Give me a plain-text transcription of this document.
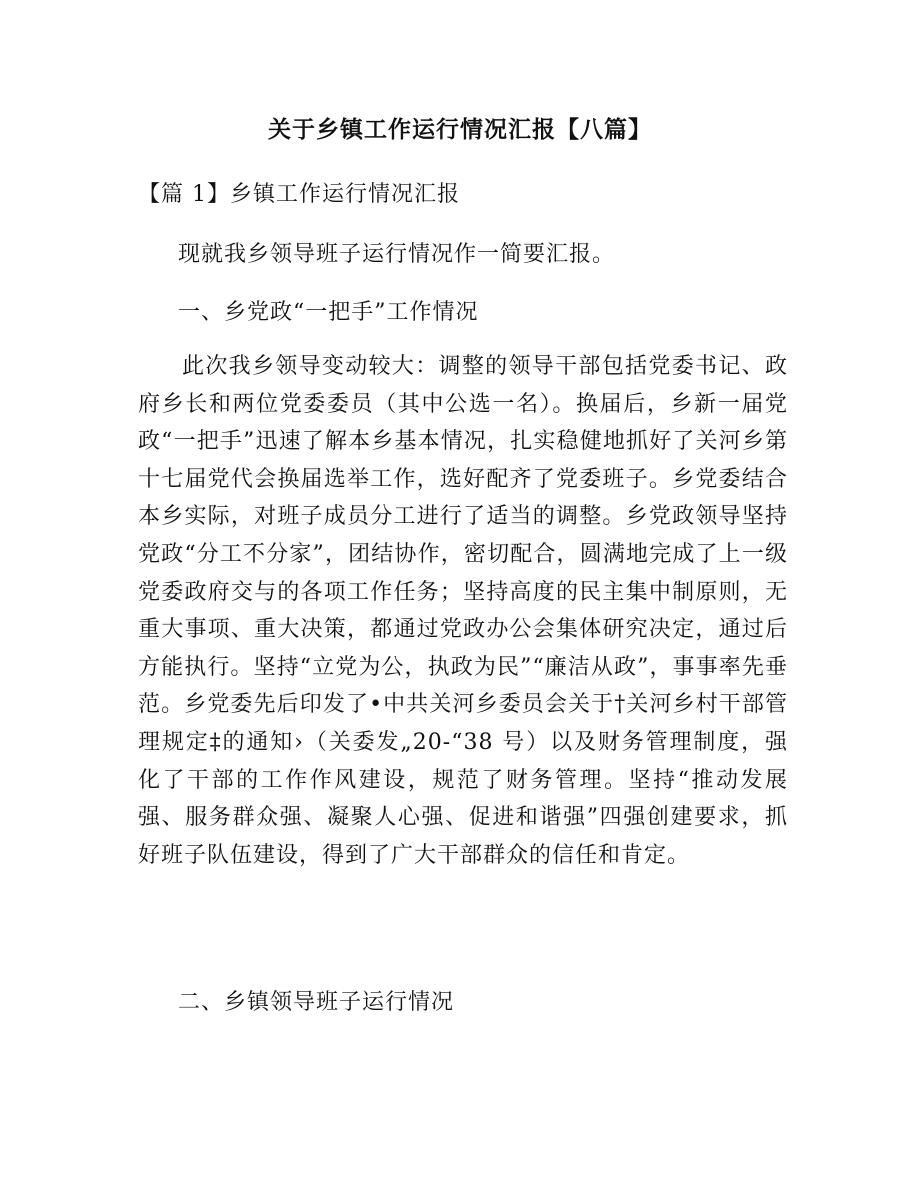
关于乡镇工作运行情况汇报【八篇】

【篇 1】乡镇工作运行情况汇报

现就我乡领导班子运行情况作一简要汇报。

一、乡党政“一把手”工作情况

此次我乡领导变动较大：调整的领导干部包括党委书记、政府乡长和两位党委委员（其中公选一名）。换届后，乡新一届党政“一把手”迅速了解本乡基本情况，扎实稳健地抓好了关河乡第十七届党代会换届选举工作，选好配齐了党委班子。乡党委结合本乡实际，对班子成员分工进行了适当的调整。乡党政领导坚持党政“分工不分家”，团结协作，密切配合，圆满地完成了上一级党委政府交与的各项工作任务；坚持高度的民主集中制原则，无重大事项、重大决策，都通过党政办公会集体研究决定，通过后方能执行。坚持“立党为公，执政为民”“廉洁从政”，事事率先垂范。乡党委先后印发了•中共关河乡委员会关于†关河乡村干部管理规定‡的通知›（关委发„20‐“38 号）以及财务管理制度，强化了干部的工作作风建设，规范了财务管理。坚持“推动发展强、服务群众强、凝聚人心强、促进和谐强”四强创建要求，抓好班子队伍建设，得到了广大干部群众的信任和肯定。

二、乡镇领导班子运行情况
